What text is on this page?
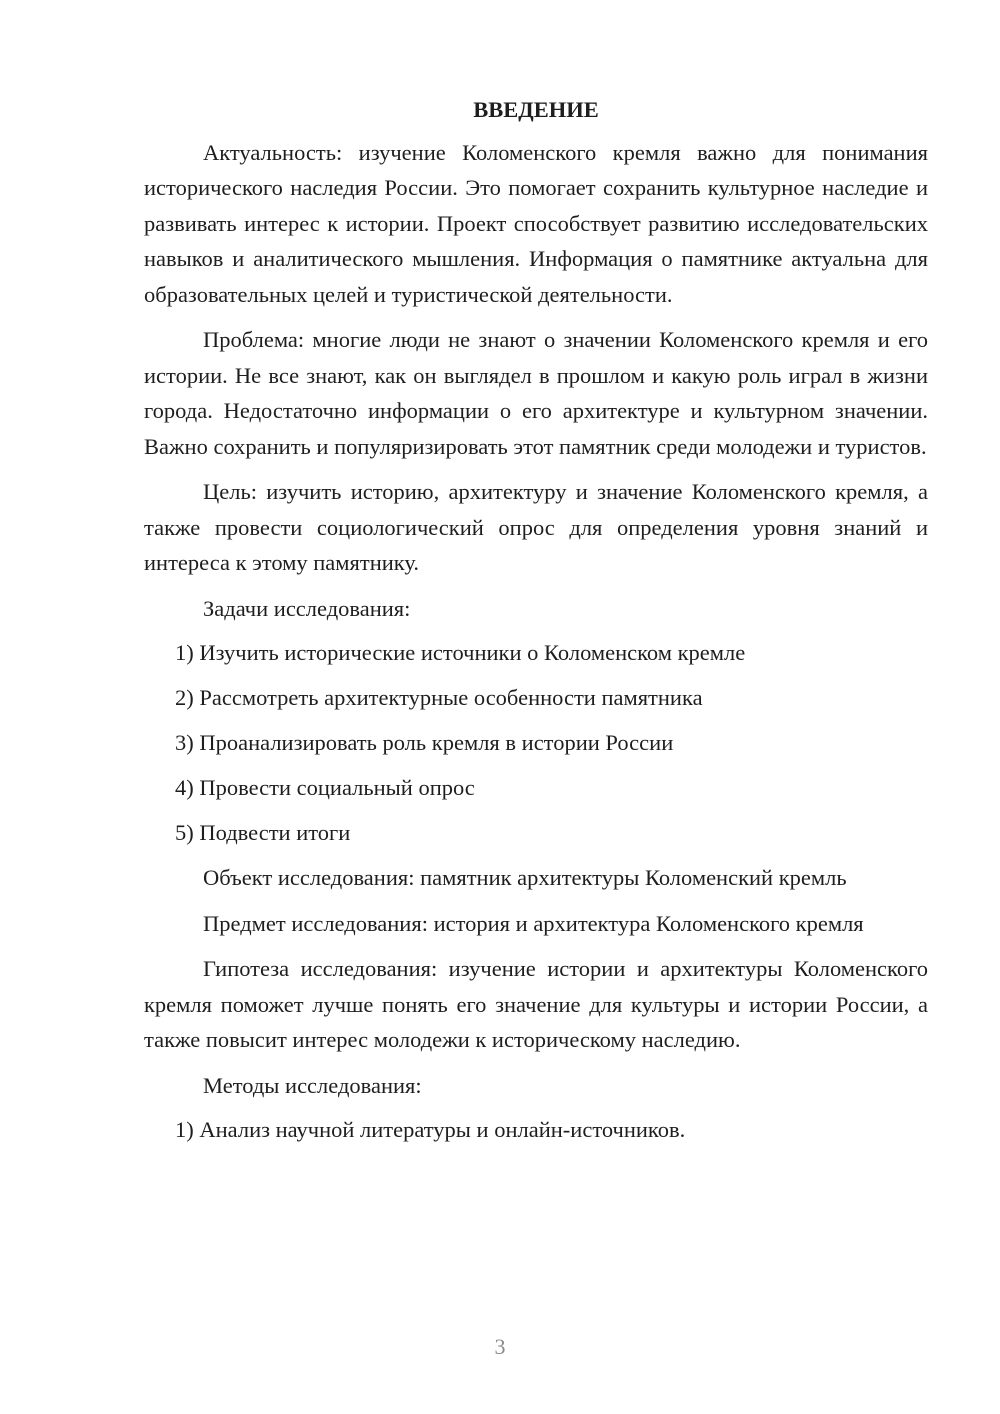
ВВЕДЕНИЕ

Актуальность: изучение Коломенского кремля важно для понимания исторического наследия России. Это помогает сохранить культурное наследие и развивать интерес к истории. Проект способствует развитию исследовательских навыков и аналитического мышления. Информация о памятнике актуальна для образовательных целей и туристической деятельности.

Проблема: многие люди не знают о значении Коломенского кремля и его истории. Не все знают, как он выглядел в прошлом и какую роль играл в жизни города. Недостаточно информации о его архитектуре и культурном значении. Важно сохранить и популяризировать этот памятник среди молодежи и туристов.

Цель: изучить историю, архитектуру и значение Коломенского кремля, а также провести социологический опрос для определения уровня знаний и интереса к этому памятнику.

Задачи исследования:

1) Изучить исторические источники о Коломенском кремле
2) Рассмотреть архитектурные особенности памятника
3) Проанализировать роль кремля в истории России
4) Провести социальный опрос
5) Подвести итоги

Объект исследования: памятник архитектуры Коломенский кремль

Предмет исследования: история и архитектура Коломенского кремля

Гипотеза исследования: изучение истории и архитектуры Коломенского кремля поможет лучше понять его значение для культуры и истории России, а также повысит интерес молодежи к историческому наследию.

Методы исследования:

1) Анализ научной литературы и онлайн-источников.
3
